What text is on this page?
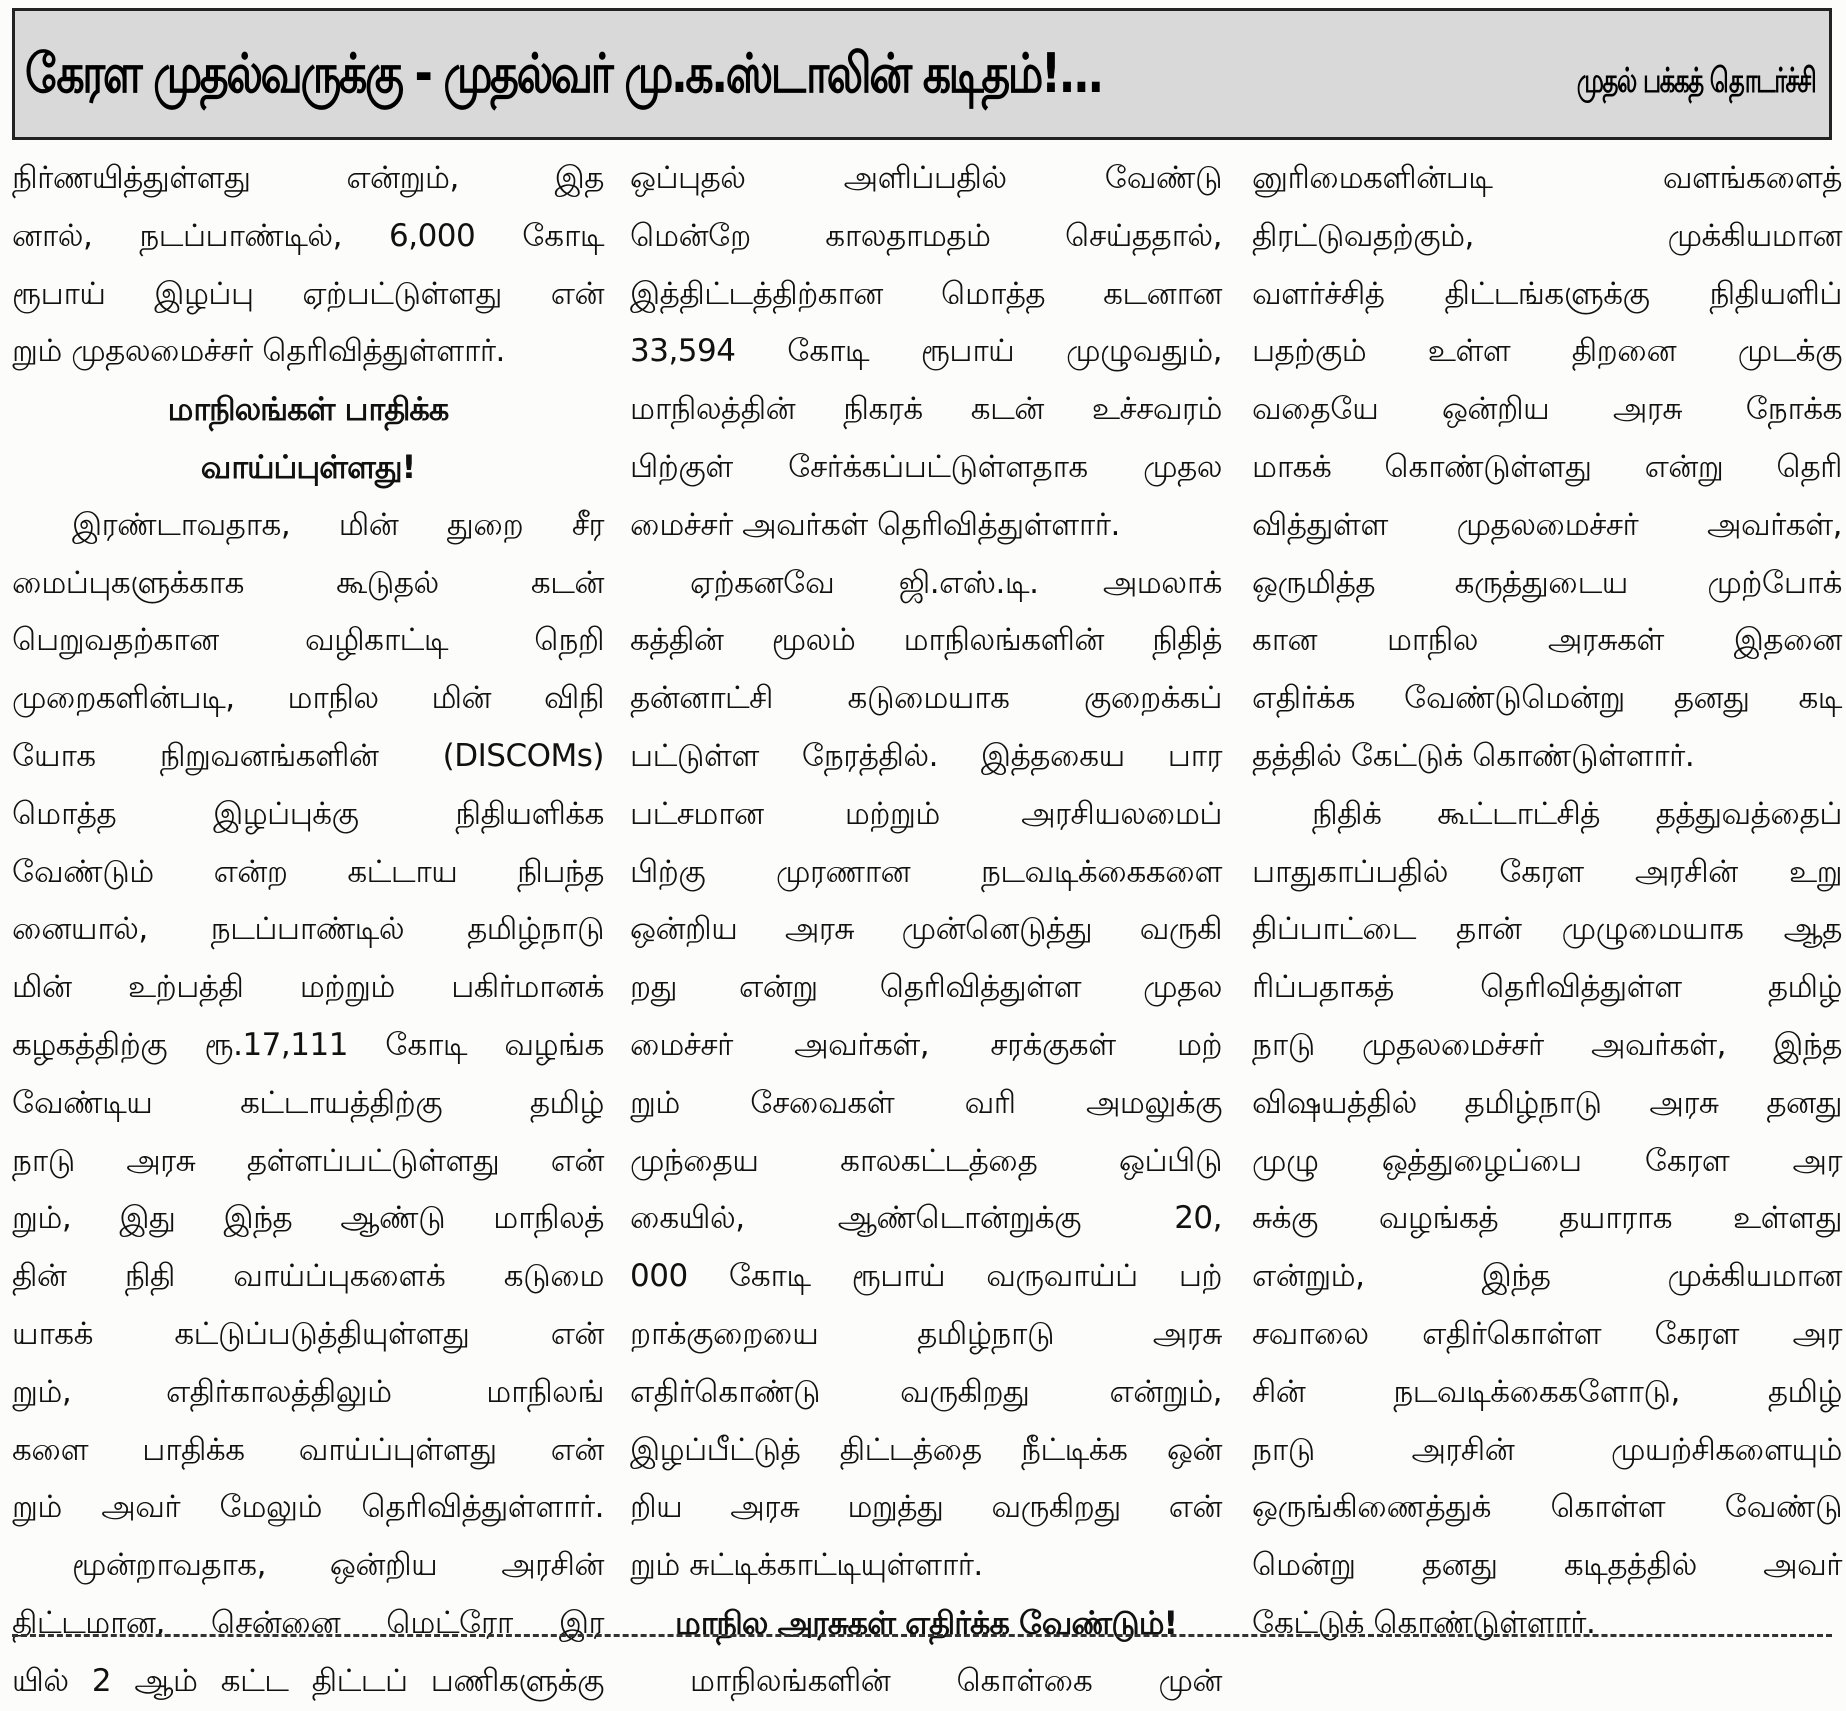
கேரள முதல்வருக்கு - முதல்வர் மு.க.ஸ்டாலின் கடிதம்!...	முதல் பக்கத் தொடர்ச்சி
நிர்ணயித்துள்ளது என்றும், இத
னால், நடப்பாண்டில், 6,000 கோடி
ரூபாய் இழப்பு ஏற்பட்டுள்ளது என்
றும் முதலமைச்சர் தெரிவித்துள்ளார்.
மாநிலங்கள் பாதிக்க
வாய்ப்புள்ளது!
இரண்டாவதாக, மின் துறை சீர
மைப்புகளுக்காக கூடுதல் கடன்
பெறுவதற்கான வழிகாட்டி நெறி
முறைகளின்படி, மாநில மின் விநி
யோக நிறுவனங்களின் (DISCOMs)
மொத்த இழப்புக்கு நிதியளிக்க
வேண்டும் என்ற கட்டாய நிபந்த
னையால், நடப்பாண்டில் தமிழ்நாடு
மின் உற்பத்தி மற்றும் பகிர்மானக்
கழகத்திற்கு ரூ.17,111 கோடி வழங்க
வேண்டிய கட்டாயத்திற்கு தமிழ்
நாடு அரசு தள்ளப்பட்டுள்ளது என்
றும், இது இந்த ஆண்டு மாநிலத்
தின் நிதி வாய்ப்புகளைக் கடுமை
யாகக் கட்டுப்படுத்தியுள்ளது என்
றும், எதிர்காலத்திலும் மாநிலங்
களை பாதிக்க வாய்ப்புள்ளது என்
றும் அவர் மேலும் தெரிவித்துள்ளார்.
மூன்றாவதாக, ஒன்றிய அரசின்
திட்டமான, சென்னை மெட்ரோ இர
யில் 2 ஆம் கட்ட திட்டப் பணிகளுக்கு
ஒப்புதல் அளிப்பதில் வேண்டு
மென்றே காலதாமதம் செய்ததால்,
இத்திட்டத்திற்கான மொத்த கடனான
33,594 கோடி ரூபாய் முழுவதும்,
மாநிலத்தின் நிகரக் கடன் உச்சவரம்
பிற்குள் சேர்க்கப்பட்டுள்ளதாக முதல
மைச்சர் அவர்கள் தெரிவித்துள்ளார்.
ஏற்கனவே ஜி.எஸ்.டி. அமலாக்
கத்தின் மூலம் மாநிலங்களின் நிதித்
தன்னாட்சி கடுமையாக குறைக்கப்
பட்டுள்ள நேரத்தில். இத்தகைய பார
பட்சமான மற்றும் அரசியலமைப்
பிற்கு முரணான நடவடிக்கைகளை
ஒன்றிய அரசு முன்னெடுத்து வருகி
றது என்று தெரிவித்துள்ள முதல
மைச்சர் அவர்கள், சரக்குகள் மற்
றும் சேவைகள் வரி அமலுக்கு
முந்தைய காலகட்டத்தை ஒப்பிடு
கையில், ஆண்டொன்றுக்கு 20,
000 கோடி ரூபாய் வருவாய்ப் பற்
றாக்குறையை தமிழ்நாடு அரசு
எதிர்கொண்டு வருகிறது என்றும்,
இழப்பீட்டுத் திட்டத்தை நீட்டிக்க ஒன்
றிய அரசு மறுத்து வருகிறது என்
றும் சுட்டிக்காட்டியுள்ளார்.
மாநில அரசுகள் எதிர்க்க வேண்டும்!
மாநிலங்களின் கொள்கை முன்
னுரிமைகளின்படி வளங்களைத்
திரட்டுவதற்கும், முக்கியமான
வளர்ச்சித் திட்டங்களுக்கு நிதியளிப்
பதற்கும் உள்ள திறனை முடக்கு
வதையே ஒன்றிய அரசு நோக்க
மாகக் கொண்டுள்ளது என்று தெரி
வித்துள்ள முதலமைச்சர் அவர்கள்,
ஒருமித்த கருத்துடைய முற்போக்
கான மாநில அரசுகள் இதனை
எதிர்க்க வேண்டுமென்று தனது கடி
தத்தில் கேட்டுக் கொண்டுள்ளார்.
நிதிக் கூட்டாட்சித் தத்துவத்தைப்
பாதுகாப்பதில் கேரள அரசின் உறு
திப்பாட்டை தான் முழுமையாக ஆத
ரிப்பதாகத் தெரிவித்துள்ள தமிழ்
நாடு முதலமைச்சர் அவர்கள், இந்த
விஷயத்தில் தமிழ்நாடு அரசு தனது
முழு ஒத்துழைப்பை கேரள அர
சுக்கு வழங்கத் தயாராக உள்ளது
என்றும், இந்த முக்கியமான
சவாலை எதிர்கொள்ள கேரள அர
சின் நடவடிக்கைகளோடு, தமிழ்
நாடு அரசின் முயற்சிகளையும்
ஒருங்கிணைத்துக் கொள்ள வேண்டு
மென்று தனது கடிதத்தில் அவர்
கேட்டுக் கொண்டுள்ளார்.
